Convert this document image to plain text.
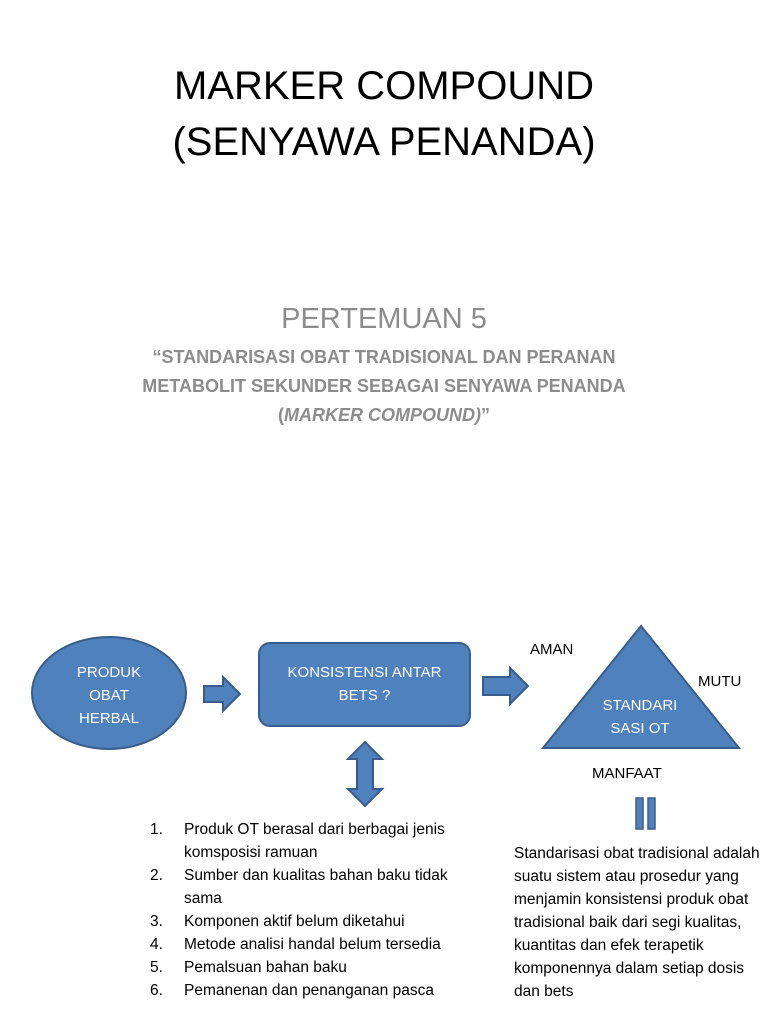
MARKER COMPOUND
(SENYAWA PENANDA)
PERTEMUAN 5
“STANDARISASI OBAT TRADISIONAL DAN PERANAN
METABOLIT SEKUNDER SEBAGAI SENYAWA PENANDA
(MARKER COMPOUND)”
PRODUK
OBAT
HERBAL
KONSISTENSI ANTAR
BETS ?
STANDARI
SASI OT
AMAN
MUTU
MANFAAT
1. Produk OT berasal dari berbagai jenis komsposisi ramuan
2. Sumber dan kualitas bahan baku tidak sama
3. Komponen aktif belum diketahui
4. Metode analisi handal belum tersedia
5. Pemalsuan bahan baku
6. Pemanenan dan penanganan pasca
Standarisasi obat tradisional adalah suatu sistem atau prosedur yang menjamin konsistensi produk obat tradisional baik dari segi kualitas, kuantitas dan efek terapetik komponennya dalam setiap dosis dan bets
